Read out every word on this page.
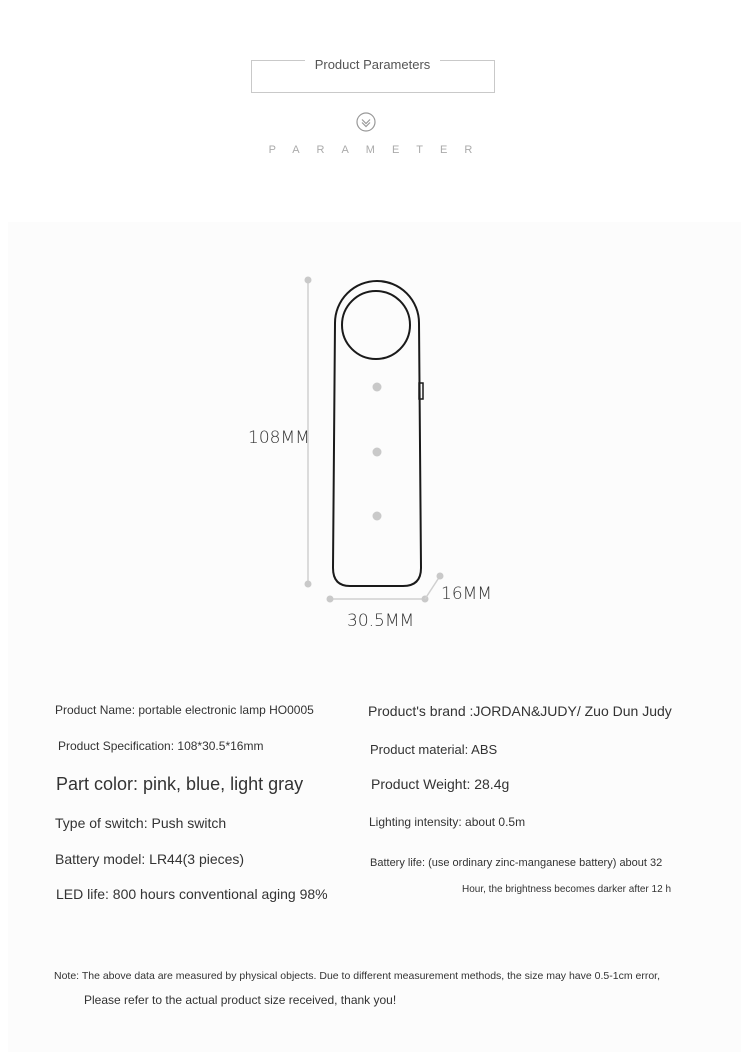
Product Parameters
PARAMETER
108MM
30.5MM
16MM
Product Name: portable electronic lamp HO0005	Product's brand :JORDAN&JUDY/ Zuo Dun Judy
Product Specification: 108*30.5*16mm	Product material: ABS
Part color: pink, blue, light gray	Product Weight: 28.4g
Type of switch: Push switch	Lighting intensity: about 0.5m
Battery model: LR44(3 pieces)	Battery life: (use ordinary zinc-manganese battery) about 32
Hour, the brightness becomes darker after 12 h
LED life: 800 hours conventional aging 98%
Note: The above data are measured by physical objects. Due to different measurement methods, the size may have 0.5-1cm error,
Please refer to the actual product size received, thank you!
